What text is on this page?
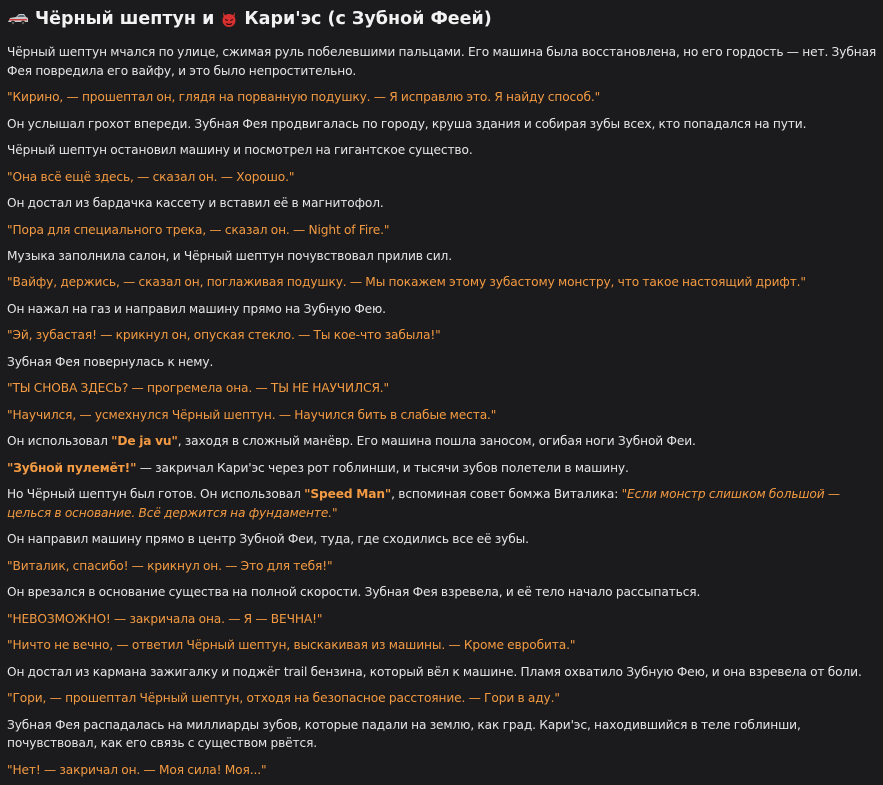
Чёрный шептун и Кари'эс (с Зубной Феей)
Чёрный шептун мчался по улице, сжимая руль побелевшими пальцами. Его машина была восстановлена, но его гордость — нет. Зубная Фея повредила его вайфу, и это было непростительно.
"Кирино, — прошептал он, глядя на порванную подушку. — Я исправлю это. Я найду способ."
Он услышал грохот впереди. Зубная Фея продвигалась по городу, круша здания и собирая зубы всех, кто попадался на пути.
Чёрный шептун остановил машину и посмотрел на гигантское существо.
"Она всё ещё здесь, — сказал он. — Хорошо."
Он достал из бардачка кассету и вставил её в магнитофол.
"Пора для специального трека, — сказал он. — Night of Fire."
Музыка заполнила салон, и Чёрный шептун почувствовал прилив сил.
"Вайфу, держись, — сказал он, поглаживая подушку. — Мы покажем этому зубастому монстру, что такое настоящий дрифт."
Он нажал на газ и направил машину прямо на Зубную Фею.
"Эй, зубастая! — крикнул он, опуская стекло. — Ты кое-что забыла!"
Зубная Фея повернулась к нему.
"ТЫ СНОВА ЗДЕСЬ? — прогремела она. — ТЫ НЕ НАУЧИЛСЯ."
"Научился, — усмехнулся Чёрный шептун. — Научился бить в слабые места."
Он использовал "De ja vu", заходя в сложный манёвр. Его машина пошла заносом, огибая ноги Зубной Феи.
"Зубной пулемёт!" — закричал Кари'эс через рот гоблинши, и тысячи зубов полетели в машину.
Но Чёрный шептун был готов. Он использовал "Speed Man", вспоминая совет бомжа Виталика: "Если монстр слишком большой — целься в основание. Всё держится на фундаменте."
Он направил машину прямо в центр Зубной Феи, туда, где сходились все её зубы.
"Виталик, спасибо! — крикнул он. — Это для тебя!"
Он врезался в основание существа на полной скорости. Зубная Фея взревела, и её тело начало рассыпаться.
"НЕВОЗМОЖНО! — закричала она. — Я — ВЕЧНА!"
"Ничто не вечно, — ответил Чёрный шептун, выскакивая из машины. — Кроме евробита."
Он достал из кармана зажигалку и поджёг trail бензина, который вёл к машине. Пламя охватило Зубную Фею, и она взревела от боли.
"Гори, — прошептал Чёрный шептун, отходя на безопасное расстояние. — Гори в аду."
Зубная Фея распадалась на миллиарды зубов, которые падали на землю, как град. Кари'эс, находившийся в теле гоблинши, почувствовал, как его связь с существом рвётся.
"Нет! — закричал он. — Моя сила! Моя..."
